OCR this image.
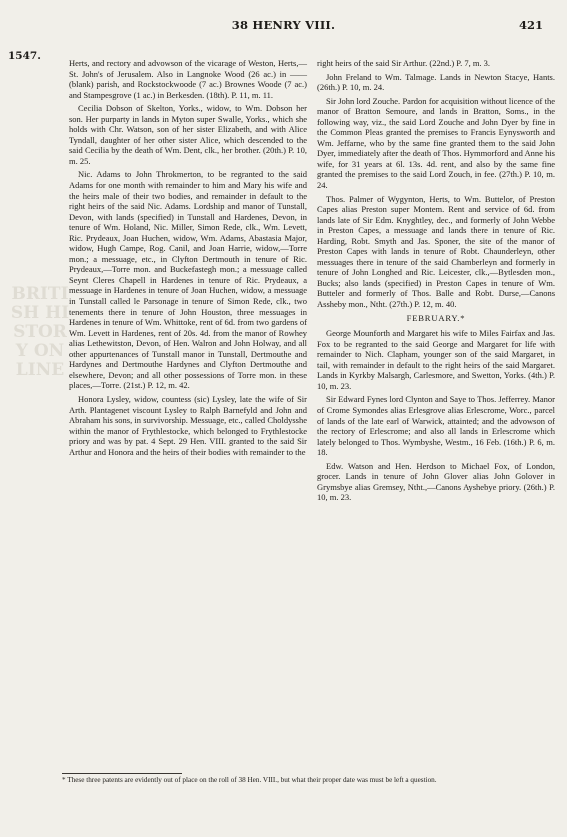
BRITISH HISTORY ONLINE
38 HENRY VIII.	421
1547.

Herts, and rectory and advowson of the vicarage of Weston, Herts,—St. John's of Jerusalem. Also in Langnoke Wood (26 ac.) in —— (blank) parish, and Rockstockwoode (7 ac.) Brownes Woode (7 ac.) and Stampesgrove (1 ac.) in Berkesden. (18th). P. 11, m. 11.

Cecilia Dobson of Skelton, Yorks., widow, to Wm. Dobson her son. Her purparty in lands in Myton super Swalle, Yorks., which she holds with Chr. Watson, son of her sister Elizabeth, and with Alice Tyndall, daughter of her other sister Alice, which descended to the said Cecilia by the death of Wm. Dent, clk., her brother. (20th.) P. 10, m. 25.

Nic. Adams to John Throkmerton, to be regranted to the said Adams for one month with remainder to him and Mary his wife and the heirs male of their two bodies, and remainder in default to the right heirs of the said Nic. Adams. Lordship and manor of Tunstall, Devon, with lands (specified) in Tunstall and Hardenes, Devon, in tenure of Wm. Holand, Nic. Miller, Simon Rede, clk., Wm. Levett, Ric. Prydeaux, Joan Huchen, widow, Wm. Adams, Abastasia Major, widow, Hugh Campe, Rog. Canil, and Joan Harrie, widow,—Torre mon.; a messuage, etc., in Clyfton Dertmouth in tenure of Ric. Prydeaux,—Torre mon. and Buckefastegh mon.; a messuage called Seynt Cleres Chapell in Hardenes in tenure of Ric. Prydeaux, a messuage in Hardenes in tenure of Joan Huchen, widow, a messuage in Tunstall called le Parsonage in tenure of Simon Rede, clk., two tenements there in tenure of John Houston, three messuages in Hardenes in tenure of Wm. Whittoke, rent of 6d. from two gardens of Wm. Levett in Hardenes, rent of 20s. 4d. from the manor of Rowhey alias Lethewitston, Devon, of Hen. Walron and John Holway, and all other appurtenances of Tunstall manor in Tunstall, Dertmouthe and Hardynes and Dertmouthe Hardynes and Clyfton Dertmouthe and elsewhere, Devon; and all other possessions of Torre mon. in these places,—Torre. (21st.) P. 12, m. 42.

Honora Lysley, widow, countess (sic) Lysley, late the wife of Sir Arth. Plantagenet viscount Lysley to Ralph Barnefyld and John and Abraham his sons, in survivorship. Messuage, etc., called Choldysshe within the manor of Frythlestocke, which belonged to Frythlestocke priory and was by pat. 4 Sept. 29 Hen. VIII. granted to the said Sir Arthur and Honora and the heirs of their bodies with remainder to the

right heirs of the said Sir Arthur. (22nd.) P. 7, m. 3.

John Freland to Wm. Talmage. Lands in Newton Stacye, Hants. (26th.) P. 10, m. 24.

Sir John lord Zouche. Pardon for acquisition without licence of the manor of Bratton Semoure, and lands in Bratton, Soms., in the following way, viz., the said Lord Zouche and John Dyer by fine in the Common Pleas granted the premises to Francis Eynysworth and Wm. Jeffarne, who by the same fine granted them to the said John Dyer, immediately after the death of Thos. Hymmorford and Anne his wife, for 31 years at 6l. 13s. 4d. rent, and also by the same fine granted the premises to the said Lord Zouch, in fee. (27th.) P. 10, m. 24.

Thos. Palmer of Wygynton, Herts, to Wm. Buttelor, of Preston Capes alias Preston super Montem. Rent and service of 6d. from lands late of Sir Edm. Knyghtley, dec., and formerly of John Webbe in Preston Capes, a messuage and lands there in tenure of Ric. Harding, Robt. Smyth and Jas. Sponer, the site of the manor of Preston Capes with lands in tenure of Robt. Chaunderleyn, other messuages there in tenure of the said Chamberleyn and formerly in tenure of John Longhed and Ric. Leicester, clk.,—Bytlesden mon., Bucks; also lands (specified) in Preston Capes in tenure of Wm. Butteler and formerly of Thos. Balle and Robt. Durse,—Canons Assheby mon., Ntht. (27th.) P. 12, m. 40.

FEBRUARY.*

George Mounforth and Margaret his wife to Miles Fairfax and Jas. Fox to be regranted to the said George and Margaret for life with remainder to Nich. Clapham, younger son of the said Margaret, in tail, with remainder in default to the right heirs of the said Margaret. Lands in Kyrkby Malsargh, Carlesmore, and Swetton, Yorks. (4th.) P. 10, m. 23.

Sir Edward Fynes lord Clynton and Saye to Thos. Jefferrey. Manor of Crome Symondes alias Erlesgrove alias Erlescrome, Worc., parcel of lands of the late earl of Warwick, attainted; and the advowson of the rectory of Erlescrome; and also all lands in Erlescrome which lately belonged to Thos. Wymbyshe, Westm., 16 Feb. (16th.) P. 6, m. 18.

Edw. Watson and Hen. Herdson to Michael Fox, of London, grocer. Lands in tenure of John Glover alias John Golover in Grymsbye alias Gremsey, Ntht.,—Canons Ayshebye priory. (26th.) P. 10, m. 23.

* These three patents are evidently out of place on the roll of 38 Hen. VIII., but what their proper date was must be left a question.
